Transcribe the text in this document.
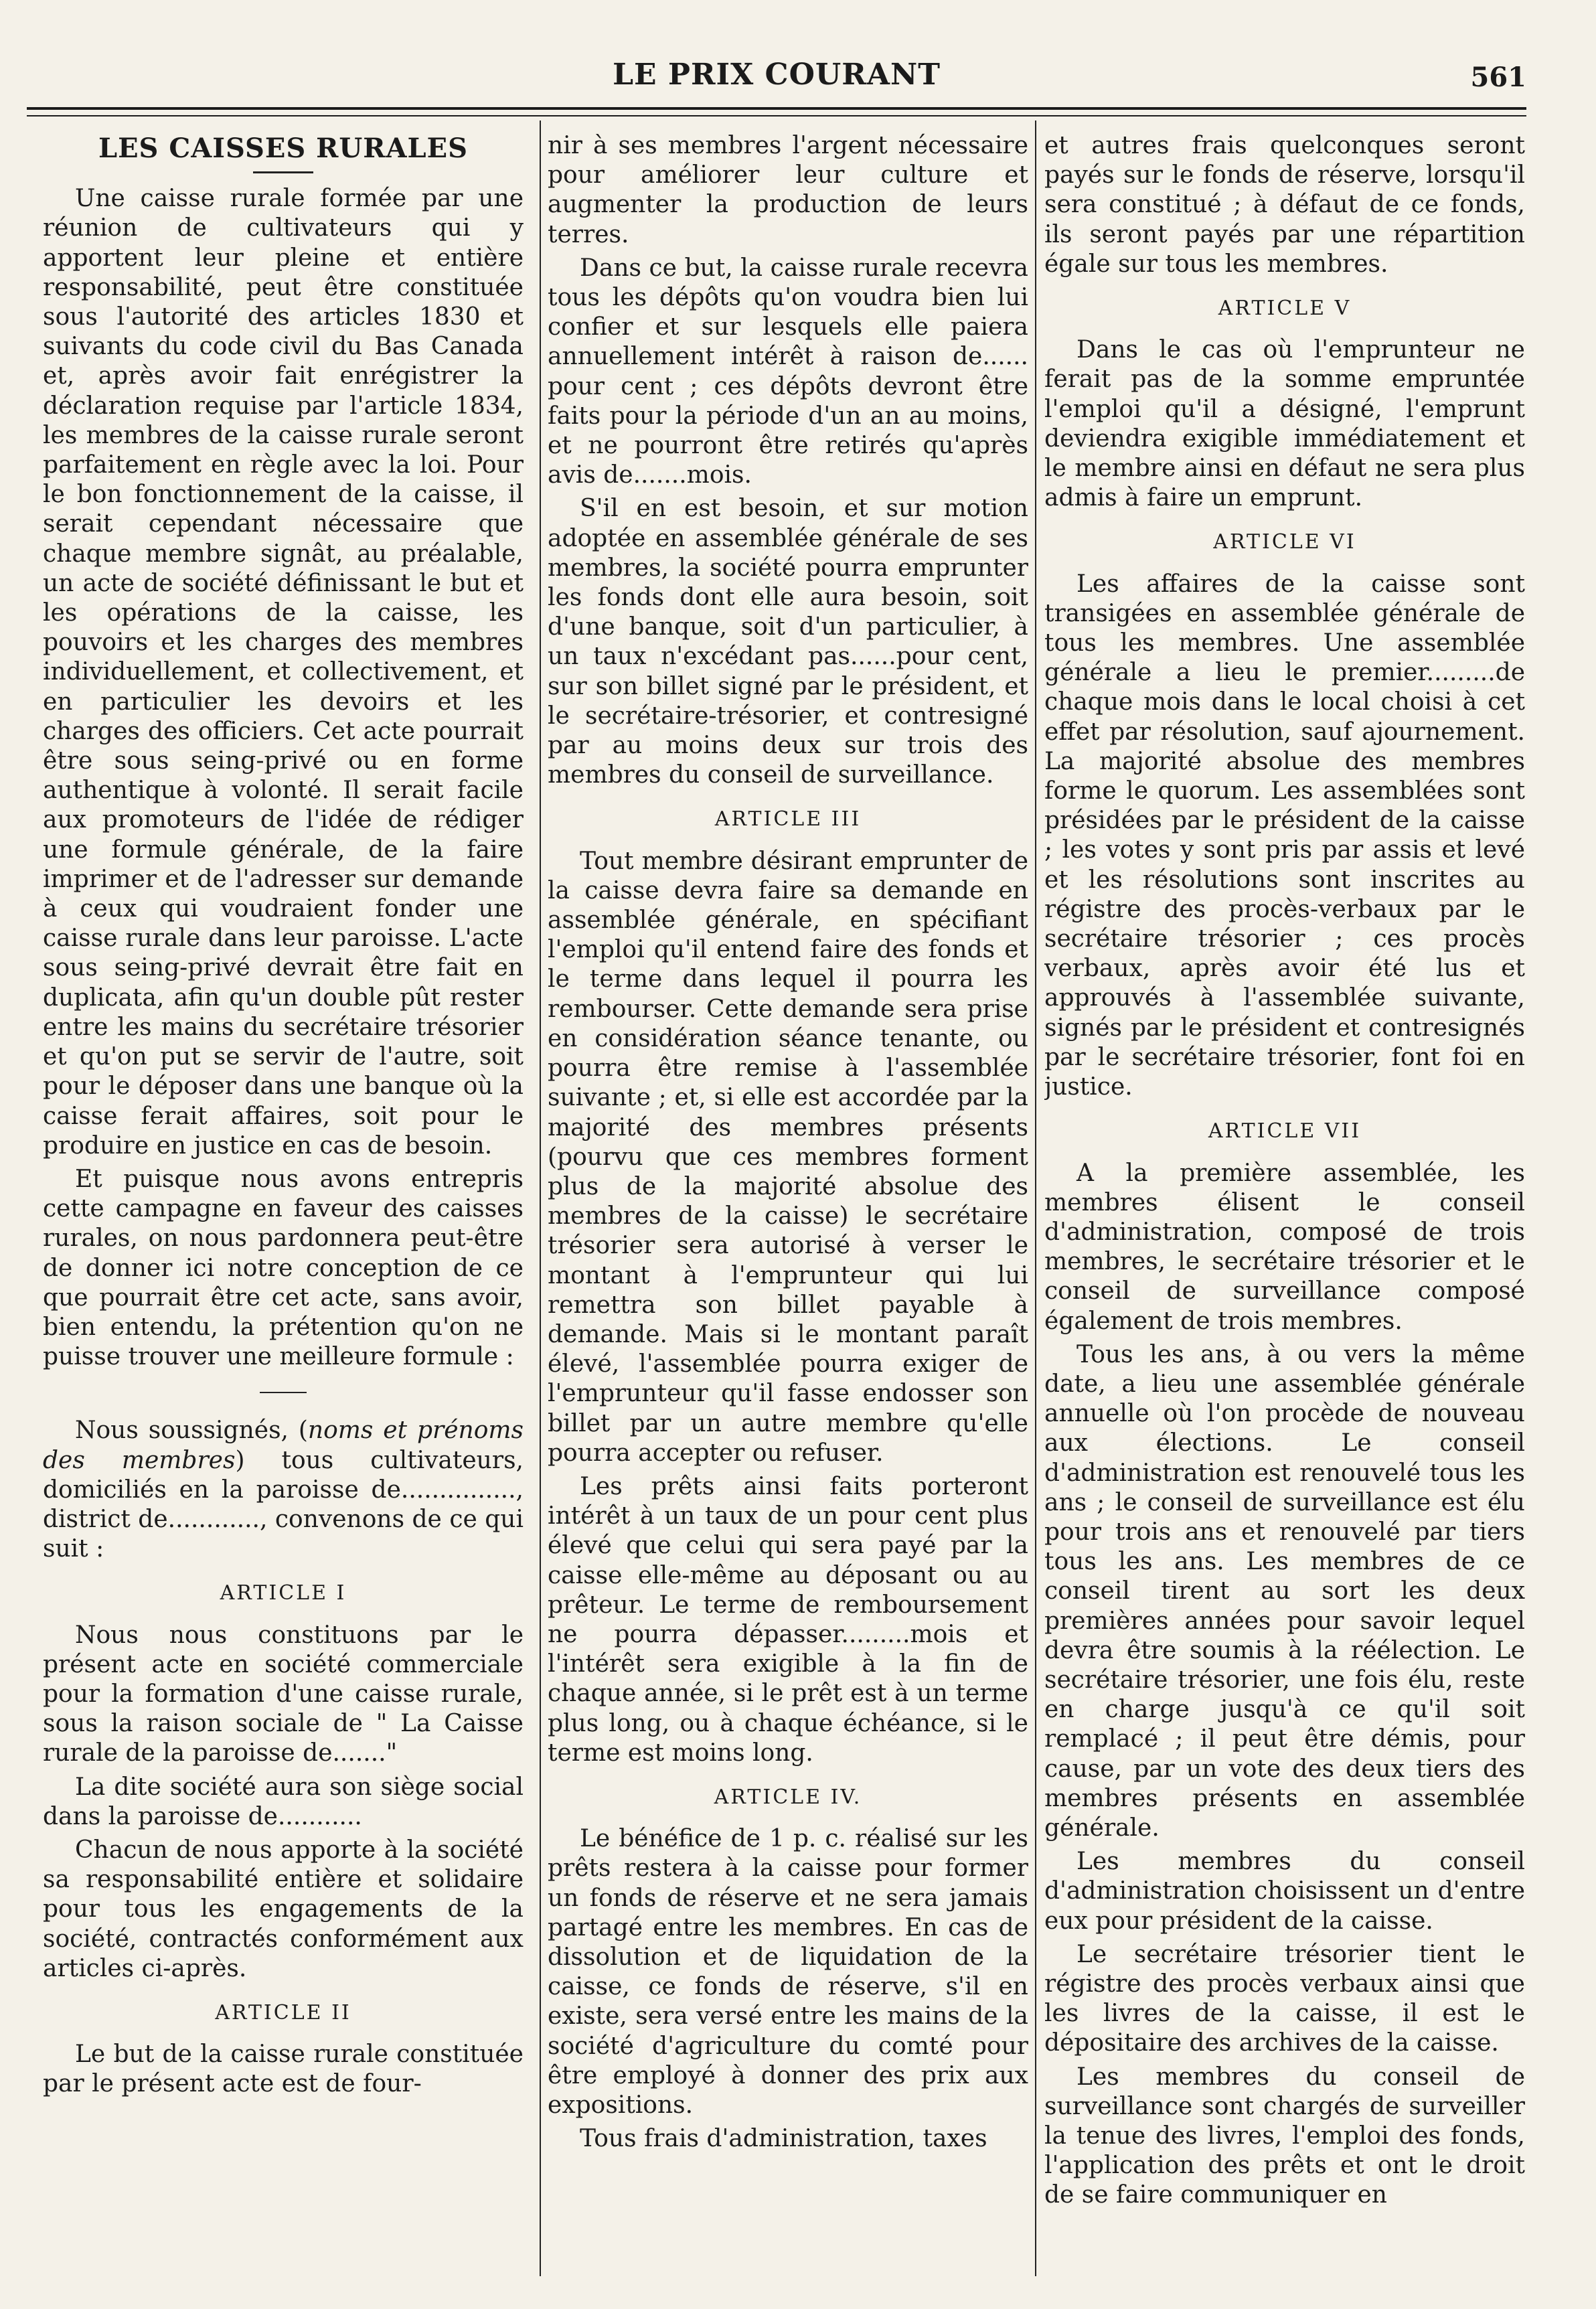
LE PRIX COURANT	561
LES CAISSES RURALES

Une caisse rurale formée par une réunion de cultivateurs qui y apportent leur pleine et entière responsabilité, peut être constituée sous l'autorité des articles 1830 et suivants du code civil du Bas Canada et, après avoir fait enrégistrer la déclaration requise par l'article 1834, les membres de la caisse rurale seront parfaitement en règle avec la loi. Pour le bon fonctionnement de la caisse, il serait cependant nécessaire que chaque membre signât, au préalable, un acte de société définissant le but et les opérations de la caisse, les pouvoirs et les charges des membres individuellement, et collectivement, et en particulier les devoirs et les charges des officiers. Cet acte pourrait être sous seing-privé ou en forme authentique à volonté. Il serait facile aux promoteurs de l'idée de rédiger une formule générale, de la faire imprimer et de l'adresser sur demande à ceux qui voudraient fonder une caisse rurale dans leur paroisse. L'acte sous seing-privé devrait être fait en duplicata, afin qu'un double pût rester entre les mains du secrétaire trésorier et qu'on put se servir de l'autre, soit pour le déposer dans une banque où la caisse ferait affaires, soit pour le produire en justice en cas de besoin.

Et puisque nous avons entrepris cette campagne en faveur des caisses rurales, on nous pardonnera peut-être de donner ici notre conception de ce que pourrait être cet acte, sans avoir, bien entendu, la prétention qu'on ne puisse trouver une meilleure formule :

Nous soussignés, (noms et prénoms des membres) tous cultivateurs, domiciliés en la paroisse de..............., district de............, convenons de ce qui suit :

ARTICLE I

Nous nous constituons par le présent acte en société commerciale pour la formation d'une caisse rurale, sous la raison sociale de " La Caisse rurale de la paroisse de......."

La dite société aura son siège social dans la paroisse de...........

Chacun de nous apporte à la société sa responsabilité entière et solidaire pour tous les engagements de la société, contractés conformément aux articles ci-après.

ARTICLE II

Le but de la caisse rurale constituée par le présent acte est de four-

nir à ses membres l'argent nécessaire pour améliorer leur culture et augmenter la production de leurs terres.

Dans ce but, la caisse rurale recevra tous les dépôts qu'on voudra bien lui confier et sur lesquels elle paiera annuellement intérêt à raison de...... pour cent ; ces dépôts devront être faits pour la période d'un an au moins, et ne pourront être retirés qu'après avis de.......mois.

S'il en est besoin, et sur motion adoptée en assemblée générale de ses membres, la société pourra emprunter les fonds dont elle aura besoin, soit d'une banque, soit d'un particulier, à un taux n'excédant pas......pour cent, sur son billet signé par le président, et le secrétaire-trésorier, et contresigné par au moins deux sur trois des membres du conseil de surveillance.

ARTICLE III

Tout membre désirant emprunter de la caisse devra faire sa demande en assemblée générale, en spécifiant l'emploi qu'il entend faire des fonds et le terme dans lequel il pourra les rembourser. Cette demande sera prise en considération séance tenante, ou pourra être remise à l'assemblée suivante ; et, si elle est accordée par la majorité des membres présents (pourvu que ces membres forment plus de la majorité absolue des membres de la caisse) le secrétaire trésorier sera autorisé à verser le montant à l'emprunteur qui lui remettra son billet payable à demande. Mais si le montant paraît élevé, l'assemblée pourra exiger de l'emprunteur qu'il fasse endosser son billet par un autre membre qu'elle pourra accepter ou refuser.

Les prêts ainsi faits porteront intérêt à un taux de un pour cent plus élevé que celui qui sera payé par la caisse elle-même au déposant ou au prêteur. Le terme de remboursement ne pourra dépasser.........mois et l'intérêt sera exigible à la fin de chaque année, si le prêt est à un terme plus long, ou à chaque échéance, si le terme est moins long.

ARTICLE IV.

Le bénéfice de 1 p. c. réalisé sur les prêts restera à la caisse pour former un fonds de réserve et ne sera jamais partagé entre les membres. En cas de dissolution et de liquidation de la caisse, ce fonds de réserve, s'il en existe, sera versé entre les mains de la société d'agriculture du comté pour être employé à donner des prix aux expositions.

Tous frais d'administration, taxes

et autres frais quelconques seront payés sur le fonds de réserve, lorsqu'il sera constitué ; à défaut de ce fonds, ils seront payés par une répartition égale sur tous les membres.

ARTICLE V

Dans le cas où l'emprunteur ne ferait pas de la somme empruntée l'emploi qu'il a désigné, l'emprunt deviendra exigible immédiatement et le membre ainsi en défaut ne sera plus admis à faire un emprunt.

ARTICLE VI

Les affaires de la caisse sont transigées en assemblée générale de tous les membres. Une assemblée générale a lieu le premier.........de chaque mois dans le local choisi à cet effet par résolution, sauf ajournement. La majorité absolue des membres forme le quorum. Les assemblées sont présidées par le président de la caisse ; les votes y sont pris par assis et levé et les résolutions sont inscrites au régistre des procès-verbaux par le secrétaire trésorier ; ces procès verbaux, après avoir été lus et approuvés à l'assemblée suivante, signés par le président et contresignés par le secrétaire trésorier, font foi en justice.

ARTICLE VII

A la première assemblée, les membres élisent le conseil d'administration, composé de trois membres, le secrétaire trésorier et le conseil de surveillance composé également de trois membres.

Tous les ans, à ou vers la même date, a lieu une assemblée générale annuelle où l'on procède de nouveau aux élections. Le conseil d'administration est renouvelé tous les ans ; le conseil de surveillance est élu pour trois ans et renouvelé par tiers tous les ans. Les membres de ce conseil tirent au sort les deux premières années pour savoir lequel devra être soumis à la réélection. Le secrétaire trésorier, une fois élu, reste en charge jusqu'à ce qu'il soit remplacé ; il peut être démis, pour cause, par un vote des deux tiers des membres présents en assemblée générale.

Les membres du conseil d'administration choisissent un d'entre eux pour président de la caisse.

Le secrétaire trésorier tient le régistre des procès verbaux ainsi que les livres de la caisse, il est le dépositaire des archives de la caisse.

Les membres du conseil de surveillance sont chargés de surveiller la tenue des livres, l'emploi des fonds, l'application des prêts et ont le droit de se faire communiquer en
